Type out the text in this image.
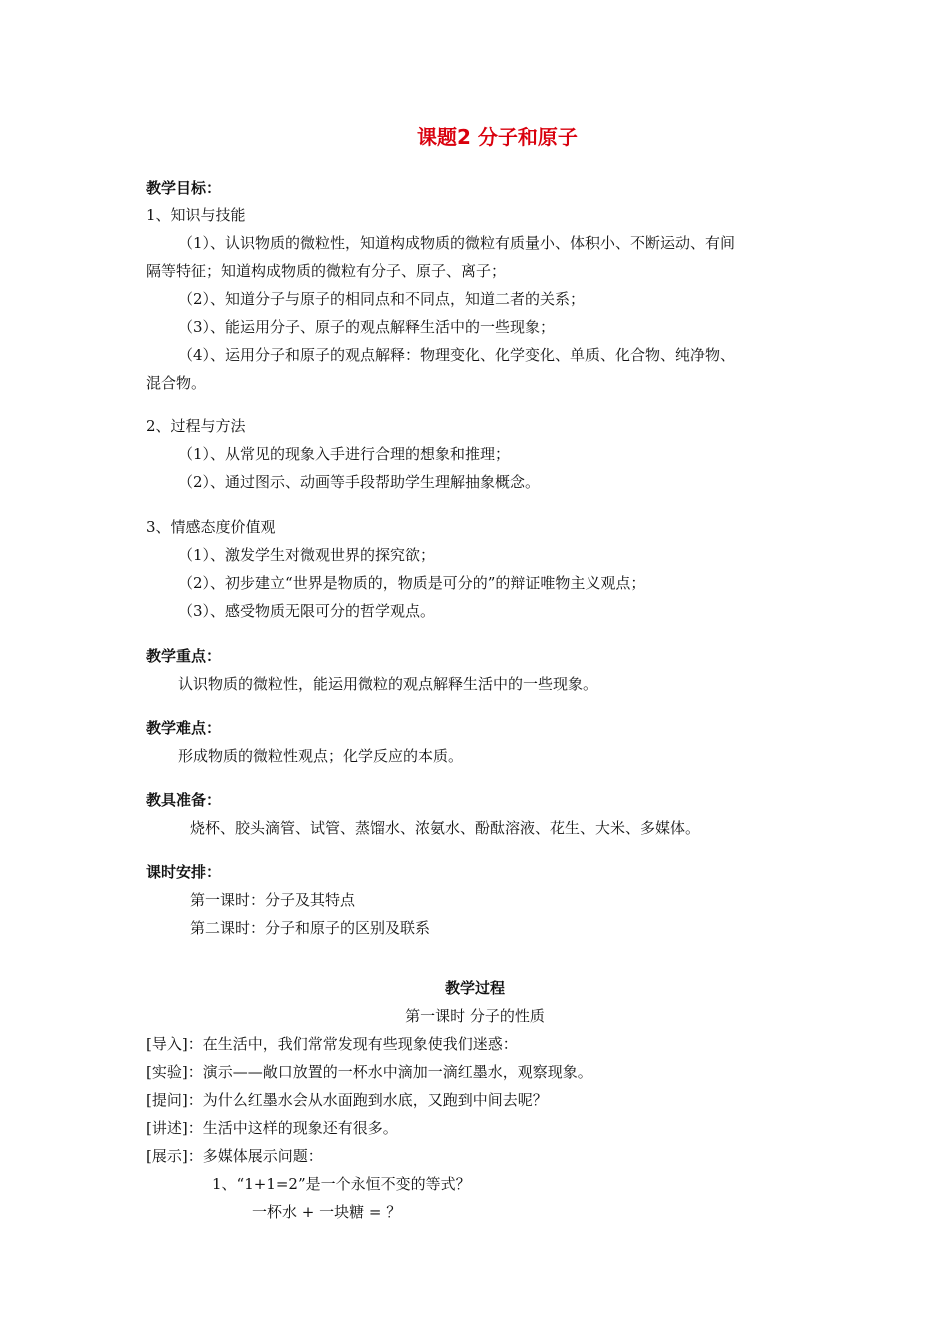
课题2 分子和原子
教学目标：
1、知识与技能
（1）、认识物质的微粒性，知道构成物质的微粒有质量小、体积小、不断运动、有间
隔等特征；知道构成物质的微粒有分子、原子、离子；
（2）、知道分子与原子的相同点和不同点，知道二者的关系；
（3）、能运用分子、原子的观点解释生活中的一些现象；
（4）、运用分子和原子的观点解释：物理变化、化学变化、单质、化合物、纯净物、
混合物。
2、过程与方法
（1）、从常见的现象入手进行合理的想象和推理；
（2）、通过图示、动画等手段帮助学生理解抽象概念。
3、情感态度价值观
（1）、激发学生对微观世界的探究欲；
（2）、初步建立“世界是物质的，物质是可分的”的辩证唯物主义观点；
（3）、感受物质无限可分的哲学观点。
教学重点：
认识物质的微粒性，能运用微粒的观点解释生活中的一些现象。
教学难点：
形成物质的微粒性观点；化学反应的本质。
教具准备：
烧杯、胶头滴管、试管、蒸馏水、浓氨水、酚酞溶液、花生、大米、多媒体。
课时安排：
第一课时：分子及其特点
第二课时：分子和原子的区别及联系
教学过程
第一课时 分子的性质
[导入]：在生活中，我们常常发现有些现象使我们迷惑：
[实验]：演示——敞口放置的一杯水中滴加一滴红墨水，观察现象。
[提问]：为什么红墨水会从水面跑到水底，又跑到中间去呢？
[讲述]：生活中这样的现象还有很多。
[展示]：多媒体展示问题：
1、“1+1=2”是一个永恒不变的等式？
一杯水 + 一块糖 = ？
